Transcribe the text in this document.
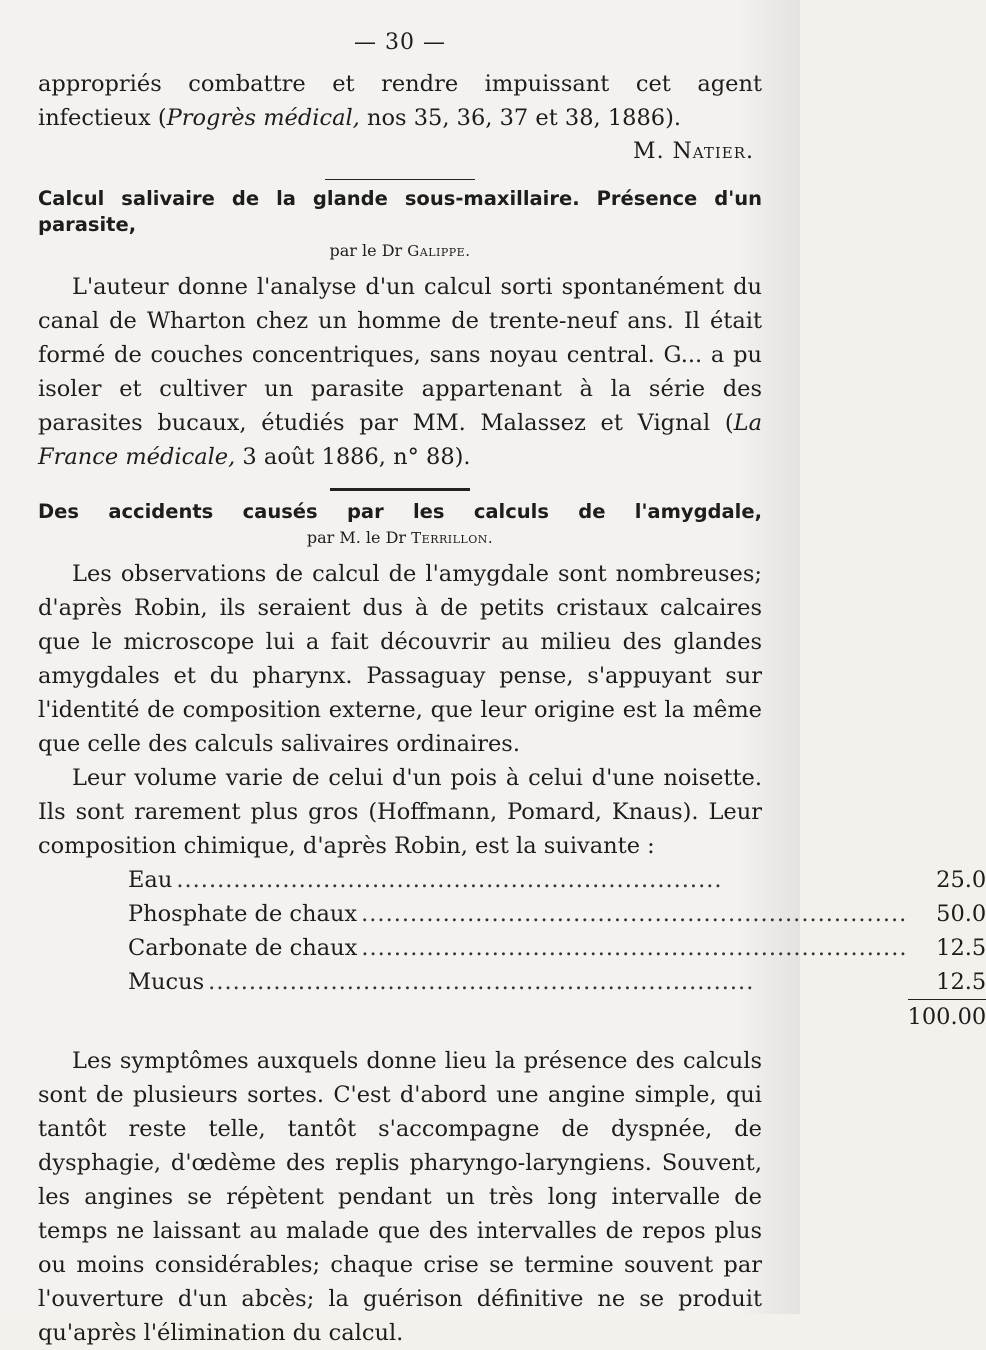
— 30 —

appropriés combattre et rendre impuissant cet agent infectieux (Progrès médical, nos 35, 36, 37 et 38, 1886).

M. Natier.
Calcul salivaire de la glande sous-maxillaire. Présence d'un parasite,
par le Dr Galippe.

L'auteur donne l'analyse d'un calcul sorti spontanément du canal de Wharton chez un homme de trente-neuf ans. Il était formé de couches concentriques, sans noyau central. G... a pu isoler et cultiver un parasite appartenant à la série des parasites bucaux, étudiés par MM. Malassez et Vignal (La France médicale, 3 août 1886, n° 88).

Des accidents causés par les calculs de l'amygdale,
par M. le Dr Terrillon.

Les observations de calcul de l'amygdale sont nombreuses; d'après Robin, ils seraient dus à de petits cristaux calcaires que le microscope lui a fait découvrir au milieu des glandes amygdales et du pharynx. Passaguay pense, s'appuyant sur l'identité de composition externe, que leur origine est la même que celle des calculs salivaires ordinaires.

Leur volume varie de celui d'un pois à celui d'une noisette. Ils sont rarement plus gros (Hoffmann, Pomard, Knaus). Leur composition chimique, d'après Robin, est la suivante :

Eau ...................................................................	25.0
Phosphate de chaux ...................................................................	50.0
Carbonate de chaux ...................................................................	12.5
Mucus ...................................................................	12.5
	100.00

Les symptômes auxquels donne lieu la présence des calculs sont de plusieurs sortes. C'est d'abord une angine simple, qui tantôt reste telle, tantôt s'accompagne de dyspnée, de dysphagie, d'œdème des replis pharyngo-laryngiens. Souvent, les angines se répètent pendant un très long intervalle de temps ne laissant au malade que des intervalles de repos plus ou moins considérables; chaque crise se termine souvent par l'ouverture d'un abcès; la guérison définitive ne se produit qu'après l'élimination du calcul.
